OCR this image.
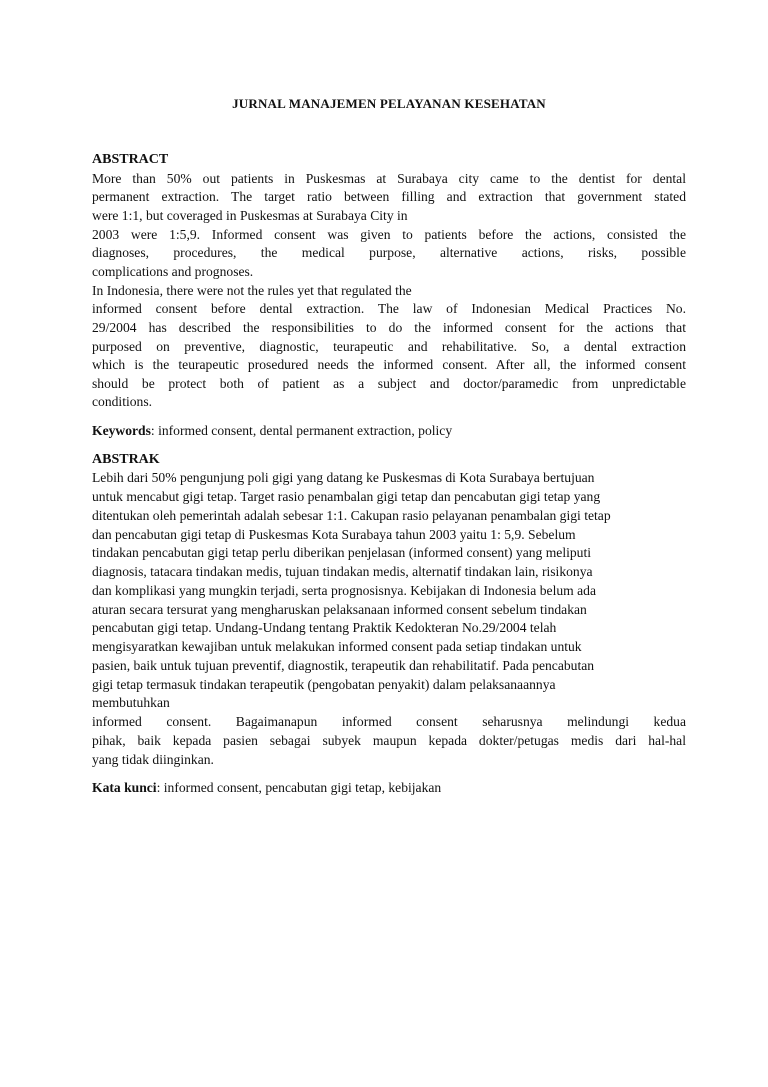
JURNAL MANAJEMEN PELAYANAN KESEHATAN
ABSTRACT
More than 50% out patients in Puskesmas at Surabaya city came to the dentist for dental
permanent extraction. The target ratio between filling and extraction that government stated
were 1:1, but coveraged in Puskesmas at Surabaya City in
2003 were 1:5,9. Informed consent was given to patients before the actions, consisted the
diagnoses, procedures, the medical purpose, alternative actions, risks, possible
complications and prognoses.
In Indonesia, there were not the rules yet that regulated the
informed consent before dental extraction. The law of Indonesian Medical Practices No.
29/2004 has described the responsibilities to do the informed consent for the actions that
purposed on preventive, diagnostic, teurapeutic and rehabilitative. So, a dental extraction
which is the teurapeutic prosedured needs the informed consent. After all, the informed consent
should be protect both of patient as a subject and doctor/paramedic from unpredictable
conditions.
Keywords: informed consent, dental permanent extraction, policy
ABSTRAK
Lebih dari 50% pengunjung poli gigi yang datang ke Puskesmas di Kota Surabaya bertujuan
untuk mencabut gigi tetap. Target rasio penambalan gigi tetap dan pencabutan gigi tetap yang
ditentukan oleh pemerintah adalah sebesar 1:1. Cakupan rasio pelayanan penambalan gigi tetap
dan pencabutan gigi tetap di Puskesmas Kota Surabaya tahun 2003 yaitu 1: 5,9. Sebelum
tindakan pencabutan gigi tetap perlu diberikan penjelasan (informed consent) yang meliputi
diagnosis, tatacara tindakan medis, tujuan tindakan medis, alternatif tindakan lain, risikonya
dan komplikasi yang mungkin terjadi, serta prognosisnya. Kebijakan di Indonesia belum ada
aturan secara tersurat yang mengharuskan pelaksanaan informed consent sebelum tindakan
pencabutan gigi tetap. Undang-Undang tentang Praktik Kedokteran No.29/2004 telah
mengisyaratkan kewajiban untuk melakukan informed consent pada setiap tindakan untuk
pasien, baik untuk tujuan preventif, diagnostik, terapeutik dan rehabilitatif. Pada pencabutan
gigi tetap termasuk tindakan terapeutik (pengobatan penyakit) dalam pelaksanaannya
membutuhkan
informed consent. Bagaimanapun informed consent seharusnya melindungi kedua
pihak, baik kepada pasien sebagai subyek maupun kepada dokter/petugas medis dari hal-hal
yang tidak diinginkan.
Kata kunci: informed consent, pencabutan gigi tetap, kebijakan
